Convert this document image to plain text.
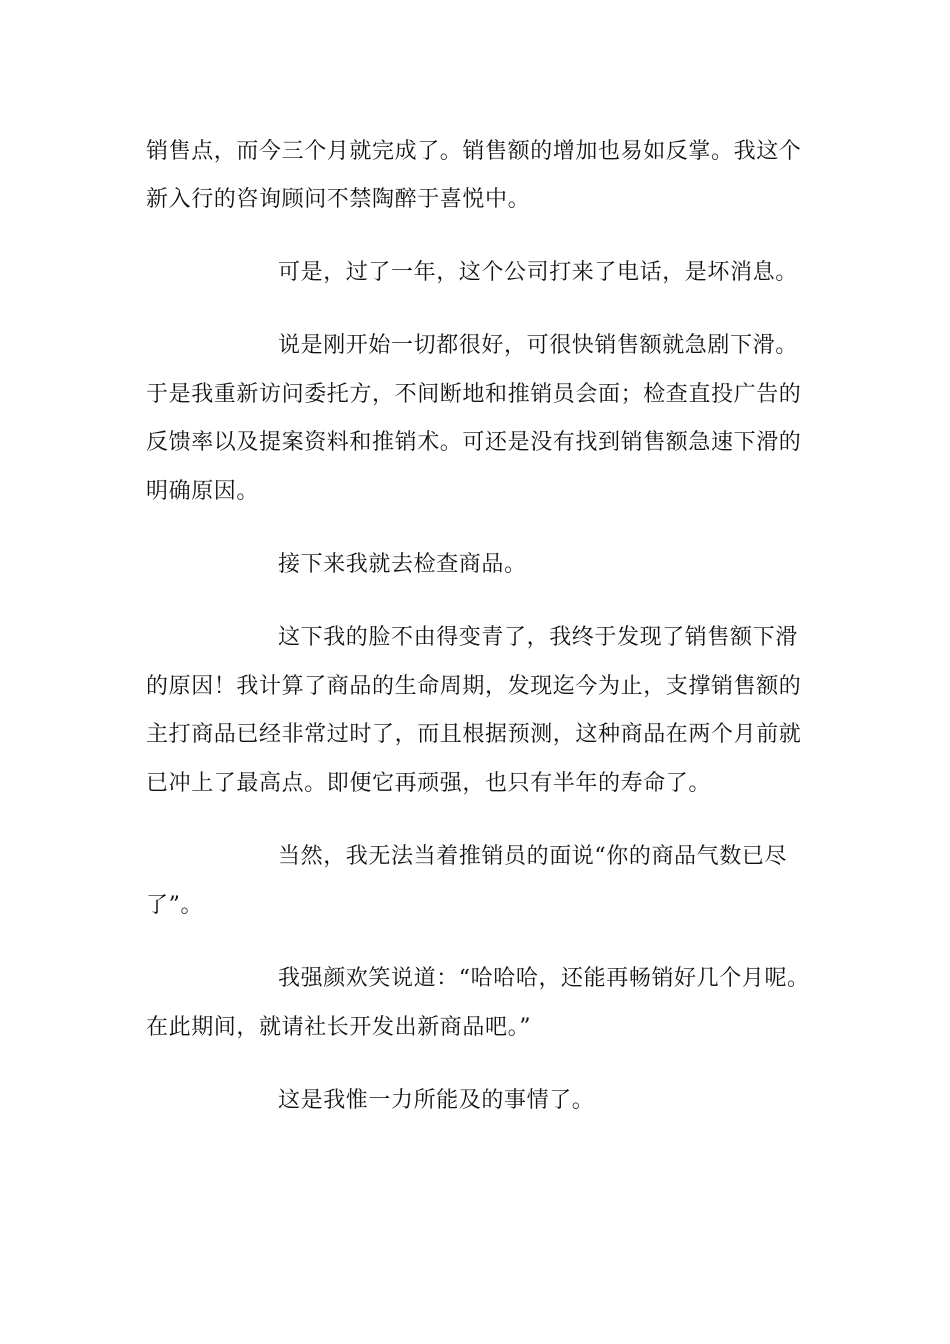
销售点，而今三个月就完成了。销售额的增加也易如反掌。我这个
新入行的咨询顾问不禁陶醉于喜悦中。
可是，过了一年，这个公司打来了电话，是坏消息。
说是刚开始一切都很好，可很快销售额就急剧下滑。
于是我重新访问委托方，不间断地和推销员会面；检查直投广告的
反馈率以及提案资料和推销术。可还是没有找到销售额急速下滑的
明确原因。
接下来我就去检查商品。
这下我的脸不由得变青了，我终于发现了销售额下滑
的原因！我计算了商品的生命周期，发现迄今为止，支撑销售额的
主打商品已经非常过时了，而且根据预测，这种商品在两个月前就
已冲上了最高点。即便它再顽强，也只有半年的寿命了。
当然，我无法当着推销员的面说“你的商品气数已尽
了”。
我强颜欢笑说道：“哈哈哈，还能再畅销好几个月呢。
在此期间，就请社长开发出新商品吧。”
这是我惟一力所能及的事情了。
